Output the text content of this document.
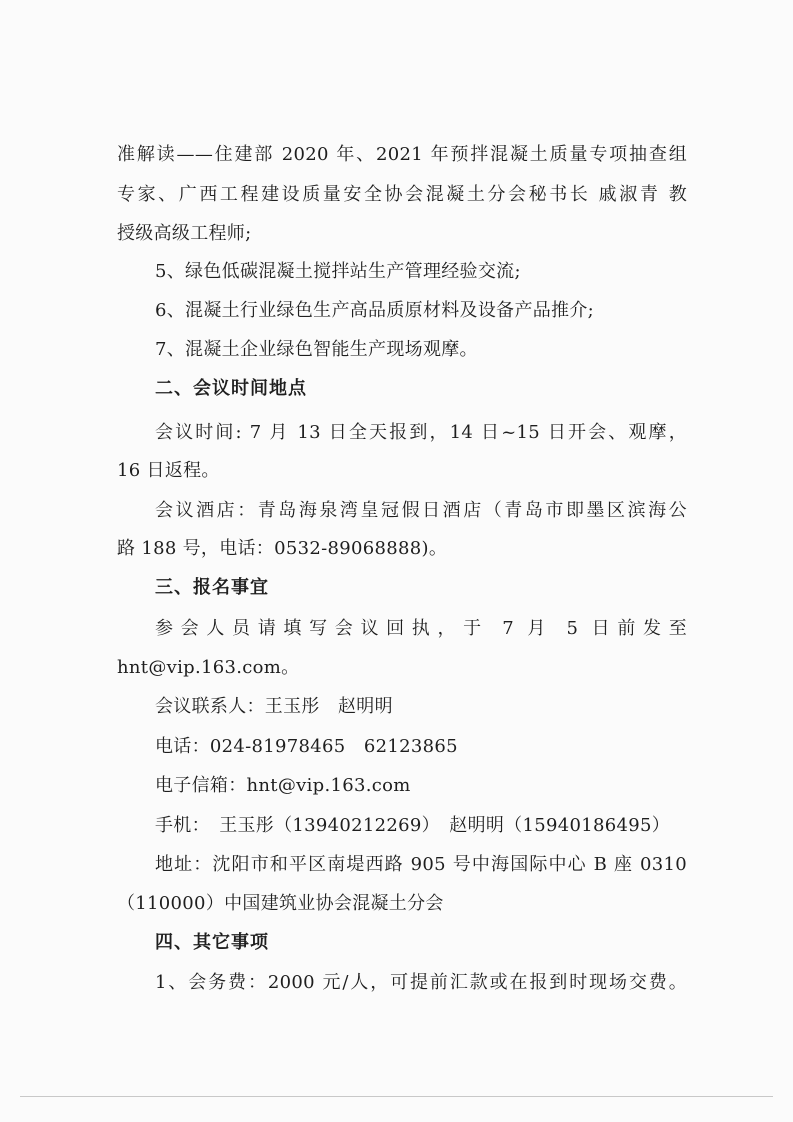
准解读——住建部 2020 年、2021 年预拌混凝土质量专项抽查组
专家、广西工程建设质量安全协会混凝土分会秘书长 戚淑青 教
授级高级工程师;
5、绿色低碳混凝土搅拌站生产管理经验交流;
6、混凝土行业绿色生产高品质原材料及设备产品推介;
7、混凝土企业绿色智能生产现场观摩。
二、会议时间地点
会议时间: 7 月 13 日全天报到，14 日~15 日开会、观摩，
16 日返程。
会议酒店：青岛海泉湾皇冠假日酒店（青岛市即墨区滨海公
路 188 号，电话：0532-89068888)。
三、报名事宜
参会人员请填写会议回执，于 7 月 5 日前发至
hnt@vip.163.com。
会议联系人：王玉彤　赵明明
电话：024-81978465　62123865
电子信箱：hnt@vip.163.com
手机：　王玉彤（13940212269）　赵明明（15940186495）
地址：沈阳市和平区南堤西路 905 号中海国际中心 B 座 0310
（110000）中国建筑业协会混凝土分会
四、其它事项
1、会务费：2000 元/人，可提前汇款或在报到时现场交费。
